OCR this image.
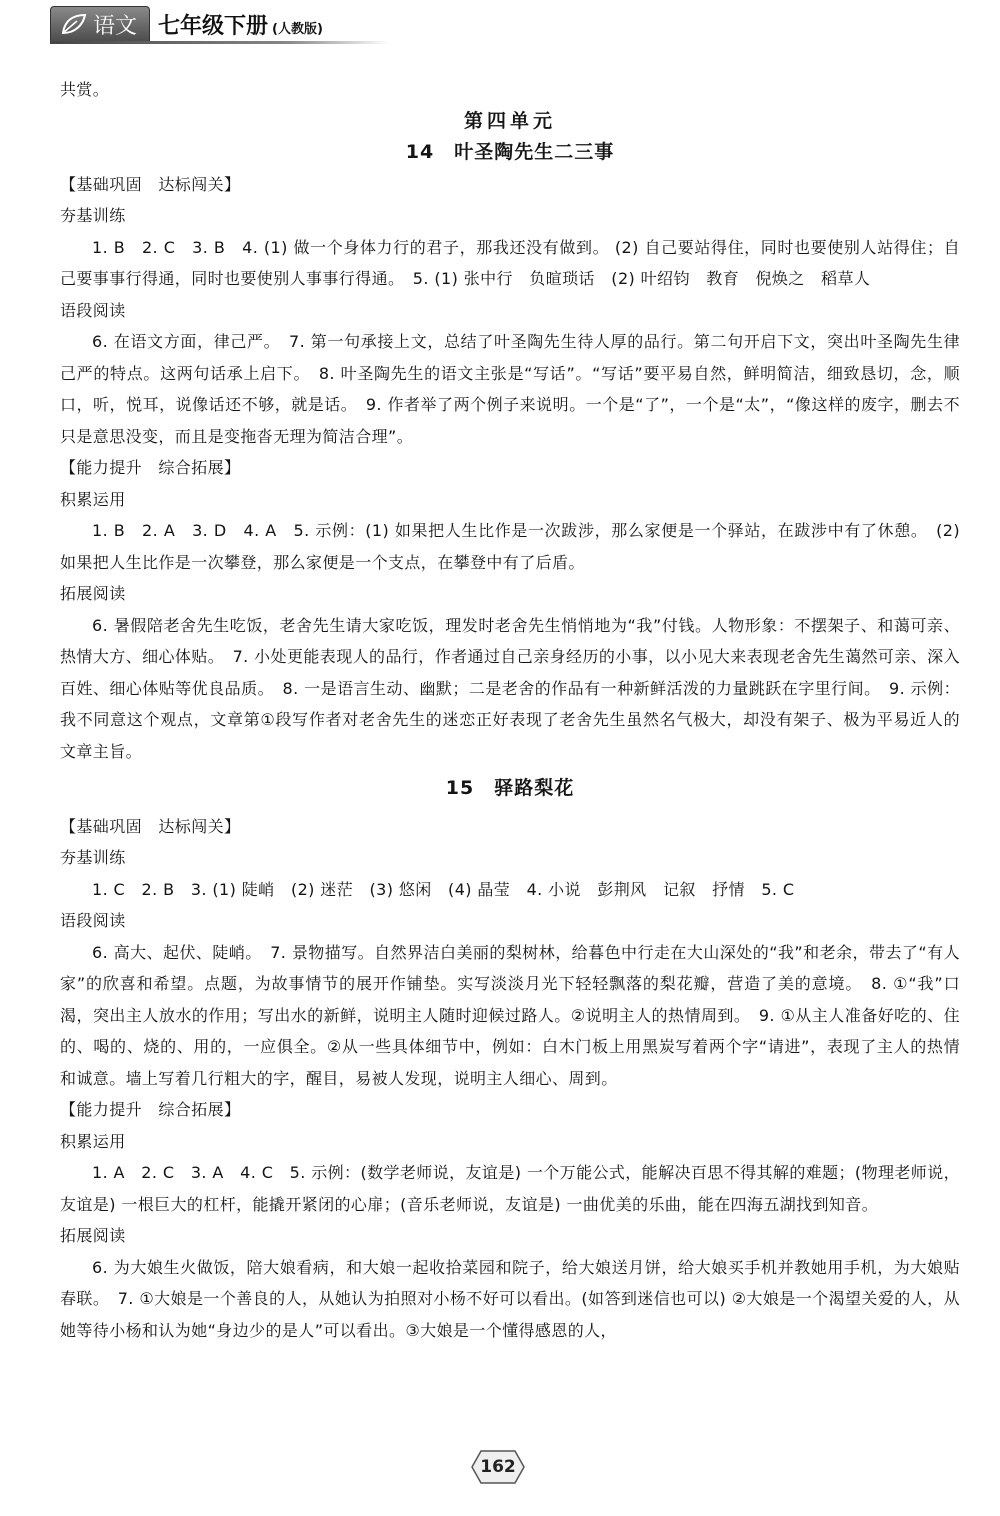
语文 七年级下册 (人教版)

共赏。

第四单元

14　叶圣陶先生二三事

【基础巩固　达标闯关】

夯基训练

1. B　2. C　3. B　4. (1) 做一个身体力行的君子，那我还没有做到。 (2) 自己要站得住，同时也要使别人站得住；自己要事事行得通，同时也要使别人事事行得通。　5. (1) 张中行　负暄琐话　(2) 叶绍钧　教育　倪焕之　稻草人

语段阅读

6. 在语文方面，律己严。　7. 第一句承接上文，总结了叶圣陶先生待人厚的品行。第二句开启下文，突出叶圣陶先生律己严的特点。这两句话承上启下。　8. 叶圣陶先生的语文主张是“写话”。“写话”要平易自然，鲜明简洁，细致恳切，念，顺口，听，悦耳，说像话还不够，就是话。　9. 作者举了两个例子来说明。一个是“了”，一个是“太”，“像这样的废字，删去不只是意思没变，而且是变拖沓无理为简洁合理”。

【能力提升　综合拓展】

积累运用

1. B　2. A　3. D　4. A　5. 示例：(1) 如果把人生比作是一次跋涉，那么家便是一个驿站，在跋涉中有了休憩。　(2) 如果把人生比作是一次攀登，那么家便是一个支点，在攀登中有了后盾。

拓展阅读

6. 暑假陪老舍先生吃饭，老舍先生请大家吃饭，理发时老舍先生悄悄地为“我”付钱。人物形象：不摆架子、和蔼可亲、热情大方、细心体贴。　7. 小处更能表现人的品行，作者通过自己亲身经历的小事，以小见大来表现老舍先生蔼然可亲、深入百姓、细心体贴等优良品质。　8. 一是语言生动、幽默；二是老舍的作品有一种新鲜活泼的力量跳跃在字里行间。　9. 示例：我不同意这个观点，文章第①段写作者对老舍先生的迷恋正好表现了老舍先生虽然名气极大，却没有架子、极为平易近人的文章主旨。

15　驿路梨花

【基础巩固　达标闯关】

夯基训练

1. C　2. B　3. (1) 陡峭　(2) 迷茫　(3) 悠闲　(4) 晶莹　4. 小说　彭荆风　记叙　抒情　5. C

语段阅读

6. 高大、起伏、陡峭。　7. 景物描写。自然界洁白美丽的梨树林，给暮色中行走在大山深处的“我”和老余，带去了“有人家”的欣喜和希望。点题，为故事情节的展开作铺垫。实写淡淡月光下轻轻飘落的梨花瓣，营造了美的意境。　8. ①“我”口渴，突出主人放水的作用；写出水的新鲜，说明主人随时迎候过路人。②说明主人的热情周到。　9. ①从主人准备好吃的、住的、喝的、烧的、用的，一应俱全。②从一些具体细节中，例如：白木门板上用黑炭写着两个字“请进”，表现了主人的热情和诚意。墙上写着几行粗大的字，醒目，易被人发现，说明主人细心、周到。

【能力提升　综合拓展】

积累运用

1. A　2. C　3. A　4. C　5. 示例：(数学老师说，友谊是) 一个万能公式，能解决百思不得其解的难题；(物理老师说，友谊是) 一根巨大的杠杆，能撬开紧闭的心扉；(音乐老师说，友谊是) 一曲优美的乐曲，能在四海五湖找到知音。

拓展阅读

6. 为大娘生火做饭，陪大娘看病，和大娘一起收拾菜园和院子，给大娘送月饼，给大娘买手机并教她用手机，为大娘贴春联。　7. ①大娘是一个善良的人，从她认为拍照对小杨不好可以看出。(如答到迷信也可以) ②大娘是一个渴望关爱的人，从她等待小杨和认为她“身边少的是人”可以看出。③大娘是一个懂得感恩的人，

162
